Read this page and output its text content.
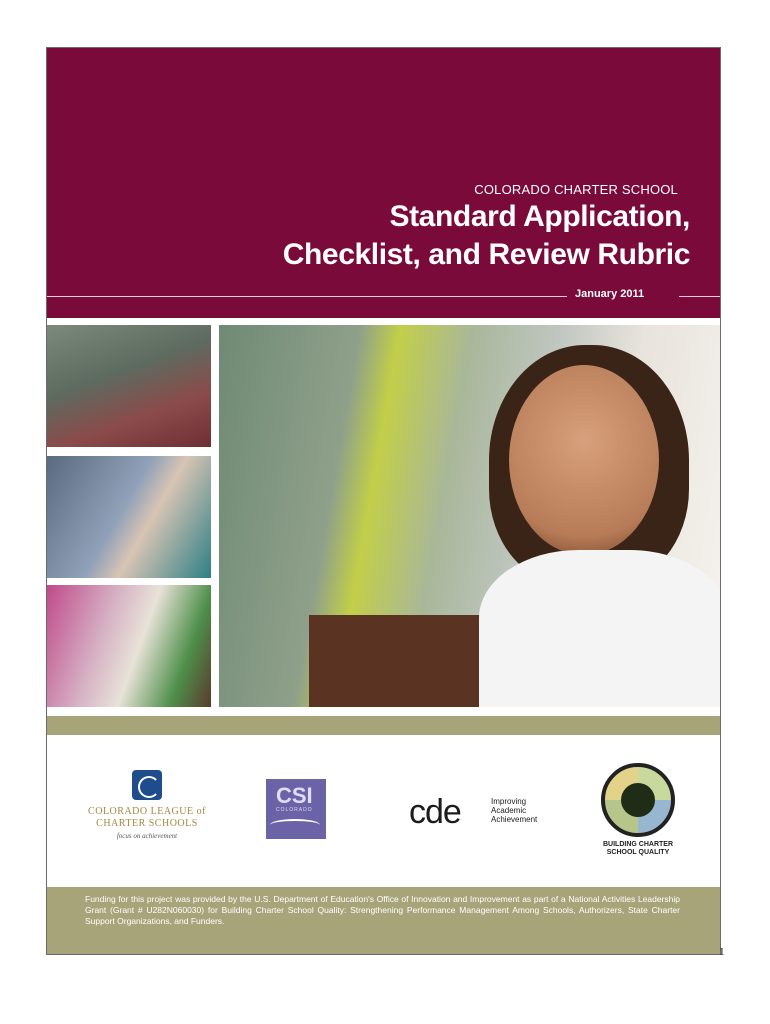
COLORADO CHARTER SCHOOL
Standard Application,
Checklist, and Review Rubric
January 2011
COLORADO LEAGUE of
CHARTER SCHOOLS
focus on achievement
CSI
COLORADO	cde	Improving
Academic
Achievement
BUILDING CHARTER
SCHOOL QUALITY
Funding for this project was provided by the U.S. Department of Education's Office of Innovation and Improvement as part of a National Activities Leadership Grant (Grant # U282N060030) for Building Charter School Quality: Strengthening Performance Management Among Schools, Authorizers, State Charter Support Organizations, and Funders.
1
